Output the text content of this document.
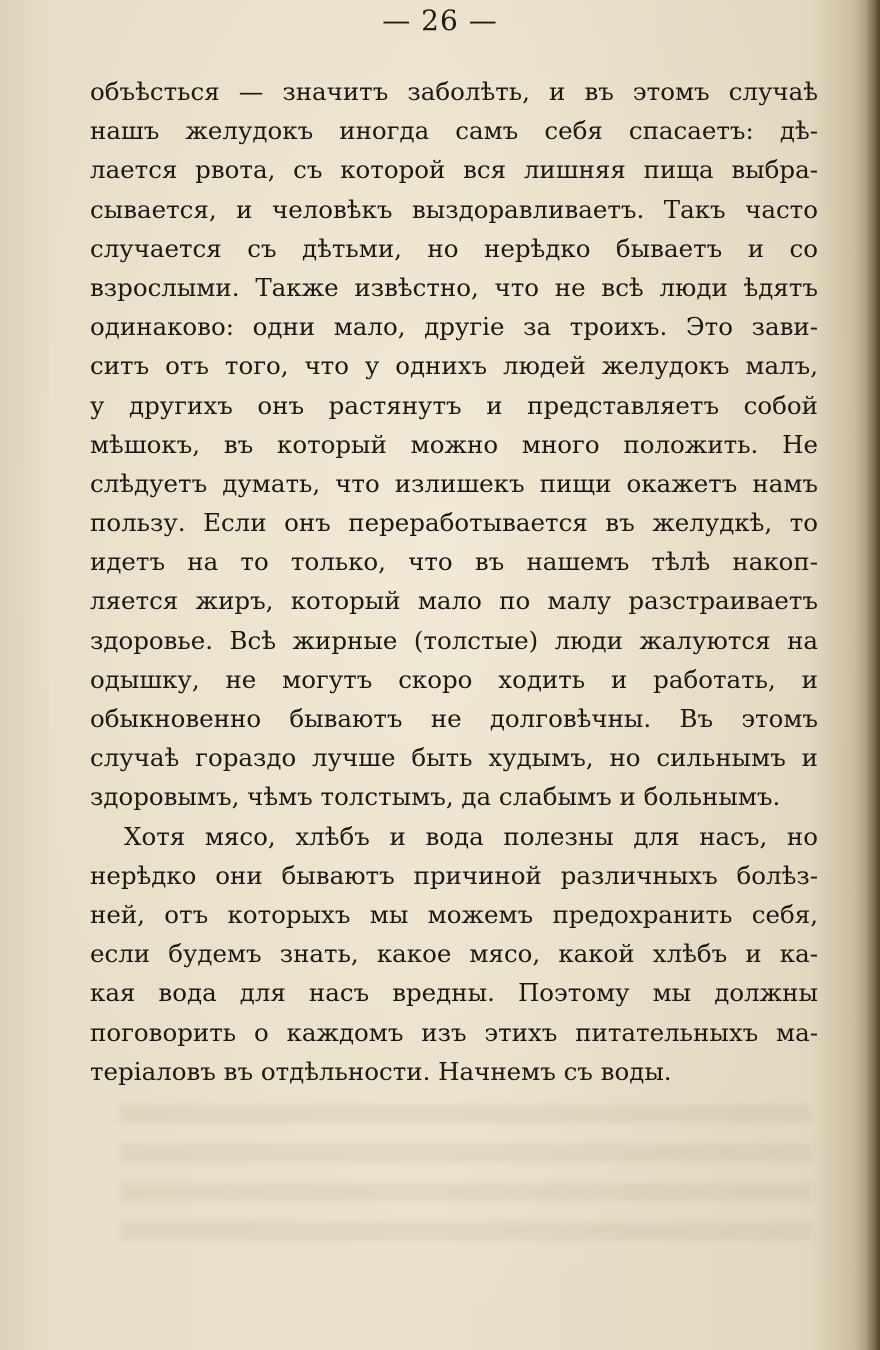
— 26 —
объѣсться — значитъ заболѣть, и въ этомъ случаѣ
нашъ желудокъ иногда самъ себя спасаетъ: дѣ-
лается рвота, съ которой вся лишняя пища выбра-
сывается, и человѣкъ выздоравливаетъ. Такъ часто
случается съ дѣтьми, но нерѣдко бываетъ и со
взрослыми. Также извѣстно, что не всѣ люди ѣдятъ
одинаково: одни мало, другіе за троихъ. Это зави-
ситъ отъ того, что у однихъ людей желудокъ малъ,
у другихъ онъ растянутъ и представляетъ собой
мѣшокъ, въ который можно много положить. Не
слѣдуетъ думать, что излишекъ пищи окажетъ намъ
пользу. Если онъ переработывается въ желудкѣ, то
идетъ на то только, что въ нашемъ тѣлѣ накоп-
ляется жиръ, который мало по малу разстраиваетъ
здоровье. Всѣ жирные (толстые) люди жалуются на
одышку, не могутъ скоро ходить и работать, и
обыкновенно бываютъ не долговѣчны. Въ этомъ
случаѣ гораздо лучше быть худымъ, но сильнымъ и
здоровымъ, чѣмъ толстымъ, да слабымъ и больнымъ.
Хотя мясо, хлѣбъ и вода полезны для насъ, но
нерѣдко они бываютъ причиной различныхъ болѣз-
ней, отъ которыхъ мы можемъ предохранить себя,
если будемъ знать, какое мясо, какой хлѣбъ и ка-
кая вода для насъ вредны. Поэтому мы должны
поговорить о каждомъ изъ этихъ питательныхъ ма-
теріаловъ въ отдѣльности. Начнемъ съ воды.
